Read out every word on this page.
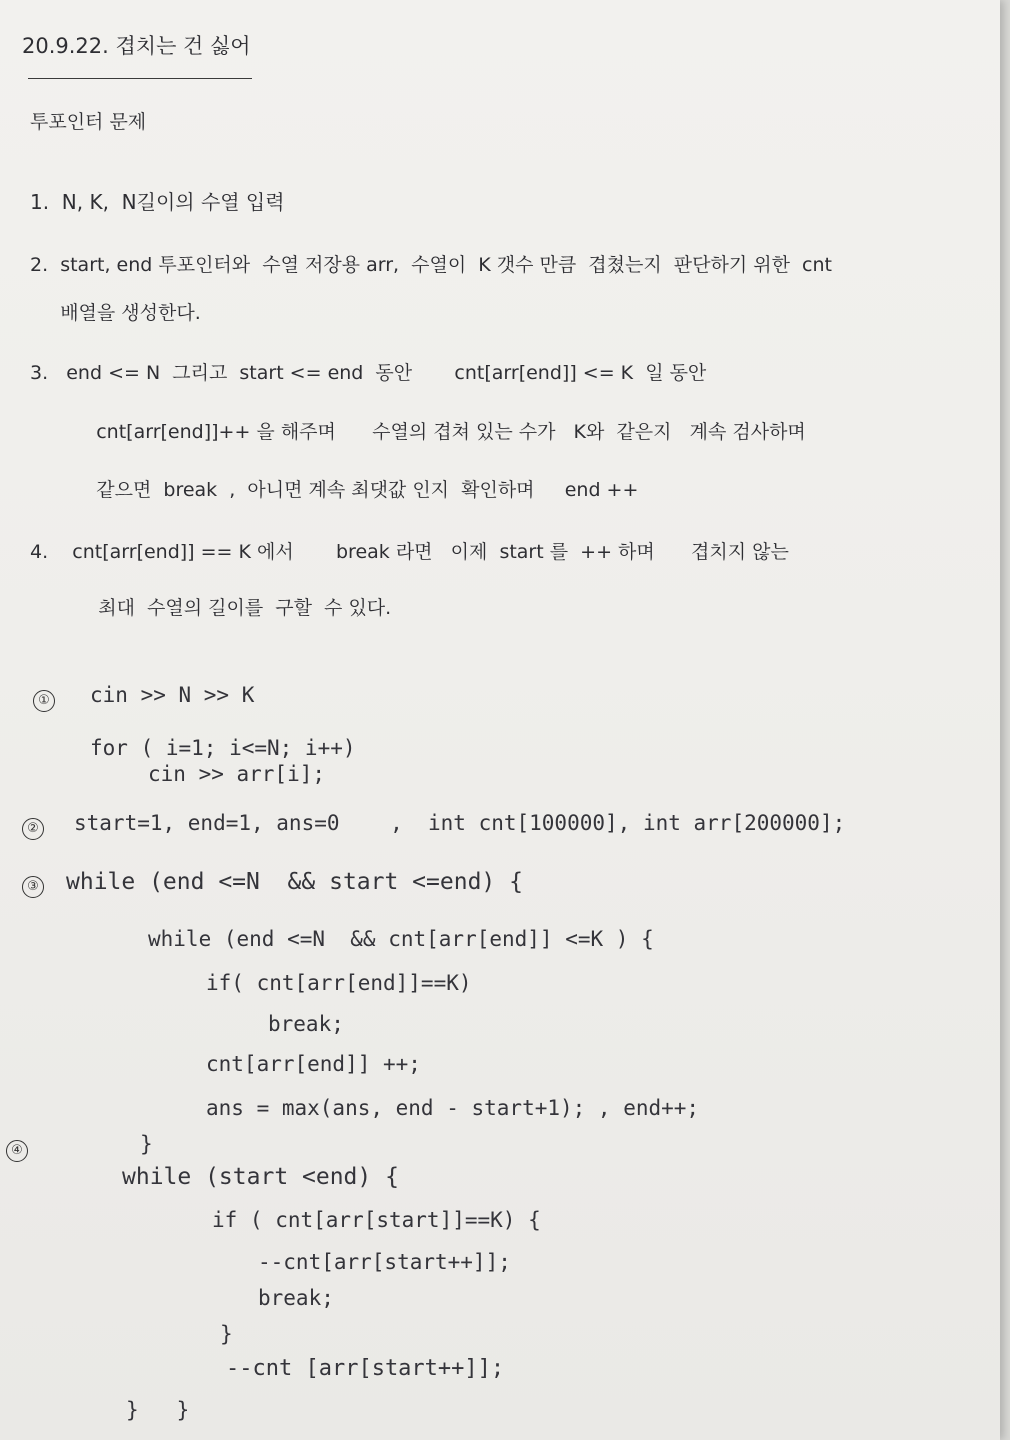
20.9.22. 겹치는 건 싫어
투포인터 문제
1.  N, K,  N길이의 수열 입력
2.  start, end 투포인터와  수열 저장용 arr,  수열이  K 갯수 만큼  겹쳤는지  판단하기 위한  cnt
배열을 생성한다.
3.   end <= N  그리고  start <= end  동안       cnt[arr[end]] <= K  일 동안
cnt[arr[end]]++ 을 해주며      수열의 겹쳐 있는 수가   K와  같은지   계속 검사하며
같으면  break  ,  아니면 계속 최댓값 인지  확인하며     end ++
4.    cnt[arr[end]] == K 에서       break 라면   이제  start 를  ++ 하며      겹치지 않는
최대  수열의 길이를  구할  수 있다.
① cin >> N >> K
for ( i=1; i<=N; i++)
cin >> arr[i];
② start=1, end=1, ans=0    ,  int cnt[100000], int arr[200000];
③ while (end <=N  && start <=end) {
while (end <=N  && cnt[arr[end]] <=K ) {
if( cnt[arr[end]]==K)
break;
cnt[arr[end]] ++;
ans = max(ans, end - start+1); , end++;
④	}
while (start <end) {
if ( cnt[arr[start]]==K) {
--cnt[arr[start++]];
break;
}
--cnt [arr[start++]];
}   }
